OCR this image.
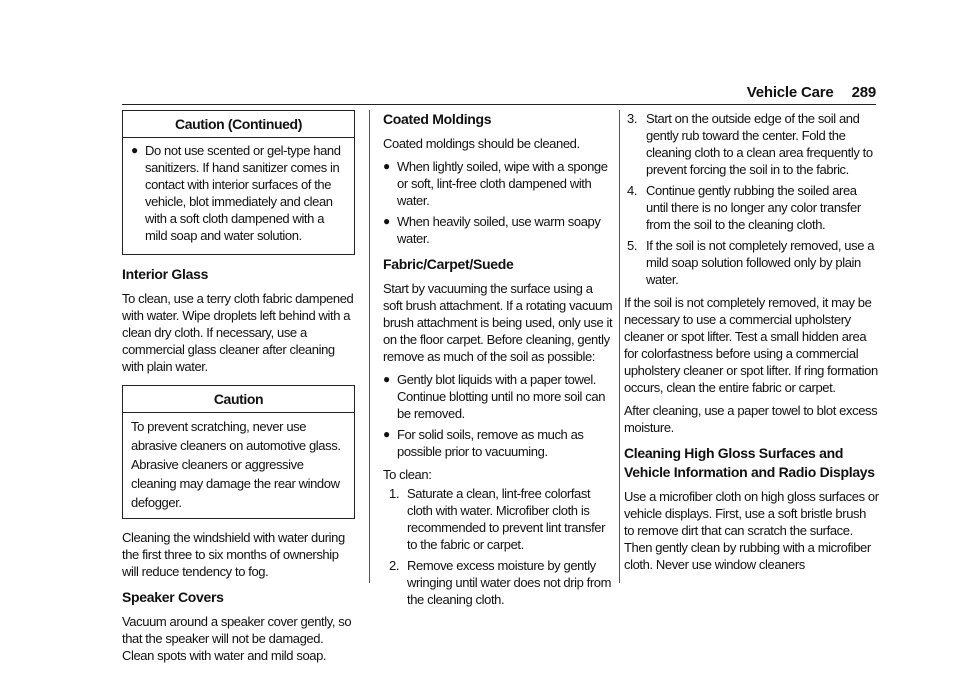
Vehicle Care 289
Caution (Continued)
● Do not use scented or gel-type hand sanitizers. If hand sanitizer comes in contact with interior surfaces of the vehicle, blot immediately and clean with a soft cloth dampened with a mild soap and water solution.
Interior Glass

To clean, use a terry cloth fabric dampened with water. Wipe droplets left behind with a clean dry cloth. If necessary, use a commercial glass cleaner after cleaning with plain water.

Caution

To prevent scratching, never use abrasive cleaners on automotive glass. Abrasive cleaners or aggressive cleaning may damage the rear window defogger.

Cleaning the windshield with water during the first three to six months of ownership will reduce tendency to fog.

Speaker Covers

Vacuum around a speaker cover gently, so that the speaker will not be damaged. Clean spots with water and mild soap.

Coated Moldings

Coated moldings should be cleaned.

● When lightly soiled, wipe with a sponge or soft, lint-free cloth dampened with water.
● When heavily soiled, use warm soapy water.
Fabric/Carpet/Suede

Start by vacuuming the surface using a soft brush attachment. If a rotating vacuum brush attachment is being used, only use it on the floor carpet. Before cleaning, gently remove as much of the soil as possible:

● Gently blot liquids with a paper towel. Continue blotting until no more soil can be removed.
● For solid soils, remove as much as possible prior to vacuuming.

To clean:

1. Saturate a clean, lint-free colorfast cloth with water. Microfiber cloth is recommended to prevent lint transfer to the fabric or carpet.
2. Remove excess moisture by gently wringing until water does not drip from the cleaning cloth.
3. Start on the outside edge of the soil and gently rub toward the center. Fold the cleaning cloth to a clean area frequently to prevent forcing the soil in to the fabric.
4. Continue gently rubbing the soiled area until there is no longer any color transfer from the soil to the cleaning cloth.
5. If the soil is not completely removed, use a mild soap solution followed only by plain water.

If the soil is not completely removed, it may be necessary to use a commercial upholstery cleaner or spot lifter. Test a small hidden area for colorfastness before using a commercial upholstery cleaner or spot lifter. If ring formation occurs, clean the entire fabric or carpet.

After cleaning, use a paper towel to blot excess moisture.

Cleaning High Gloss Surfaces and Vehicle Information and Radio Displays

Use a microfiber cloth on high gloss surfaces or vehicle displays. First, use a soft bristle brush to remove dirt that can scratch the surface. Then gently clean by rubbing with a microfiber cloth. Never use window cleaners
